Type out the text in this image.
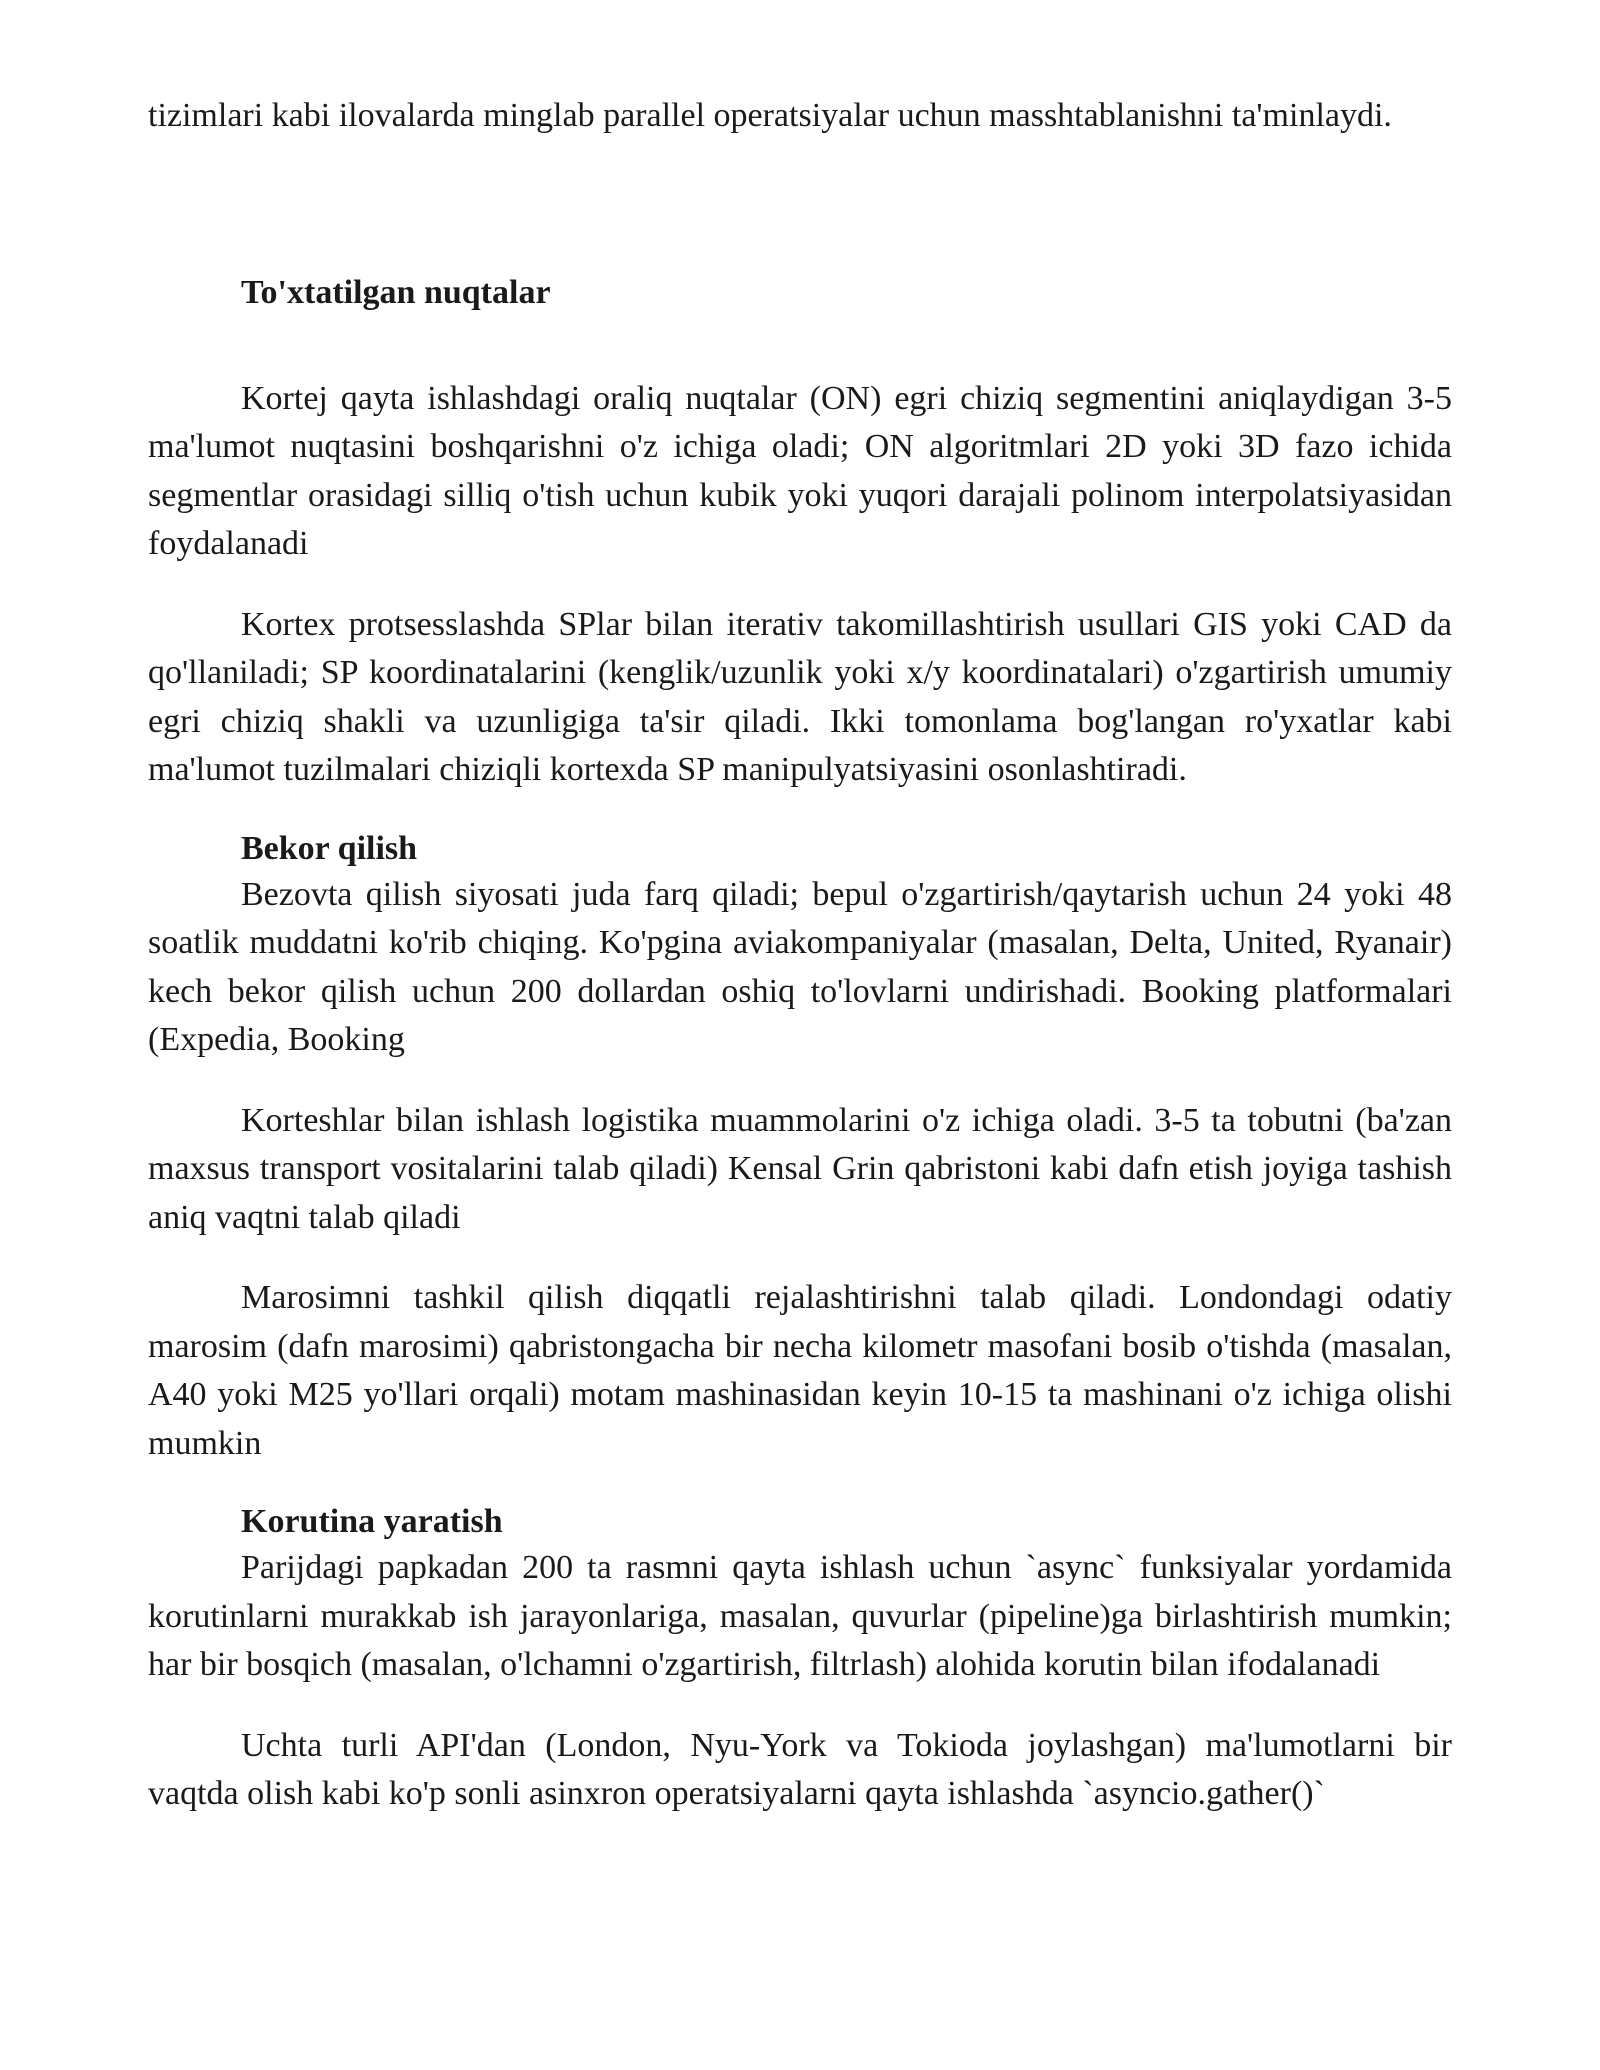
tizimlari kabi ilovalarda minglab parallel operatsiyalar uchun masshtablanishni ta'minlaydi.

To'xtatilgan nuqtalar

Kortej qayta ishlashdagi oraliq nuqtalar (ON) egri chiziq segmentini aniqlaydigan 3-5 ma'lumot nuqtasini boshqarishni o'z ichiga oladi; ON algoritmlari 2D yoki 3D fazo ichida segmentlar orasidagi silliq o'tish uchun kubik yoki yuqori darajali polinom interpolatsiyasidan foydalanadi

Kortex protsesslashda SPlar bilan iterativ takomillashtirish usullari GIS yoki CAD da qo'llaniladi; SP koordinatalarini (kenglik/uzunlik yoki x/y koordinatalari) o'zgartirish umumiy egri chiziq shakli va uzunligiga ta'sir qiladi. Ikki tomonlama bog'langan ro'yxatlar kabi ma'lumot tuzilmalari chiziqli kortexda SP manipulyatsiyasini osonlashtiradi.

Bekor qilish

Bezovta qilish siyosati juda farq qiladi; bepul o'zgartirish/qaytarish uchun 24 yoki 48 soatlik muddatni ko'rib chiqing. Ko'pgina aviakompaniyalar (masalan, Delta, United, Ryanair) kech bekor qilish uchun 200 dollardan oshiq to'lovlarni undirishadi. Booking platformalari (Expedia, Booking

Korteshlar bilan ishlash logistika muammolarini o'z ichiga oladi. 3-5 ta tobutni (ba'zan maxsus transport vositalarini talab qiladi) Kensal Grin qabristoni kabi dafn etish joyiga tashish aniq vaqtni talab qiladi

Marosimni tashkil qilish diqqatli rejalashtirishni talab qiladi. Londondagi odatiy marosim (dafn marosimi) qabristongacha bir necha kilometr masofani bosib o'tishda (masalan, A40 yoki M25 yo'llari orqali) motam mashinasidan keyin 10-15 ta mashinani o'z ichiga olishi mumkin

Korutina yaratish

Parijdagi papkadan 200 ta rasmni qayta ishlash uchun `async` funksiyalar yordamida korutinlarni murakkab ish jarayonlariga, masalan, quvurlar (pipeline)ga birlashtirish mumkin; har bir bosqich (masalan, o'lchamni o'zgartirish, filtrlash) alohida korutin bilan ifodalanadi

Uchta turli API'dan (London, Nyu-York va Tokioda joylashgan) ma'lumotlarni bir vaqtda olish kabi ko'p sonli asinxron operatsiyalarni qayta ishlashda `asyncio.gather()`
